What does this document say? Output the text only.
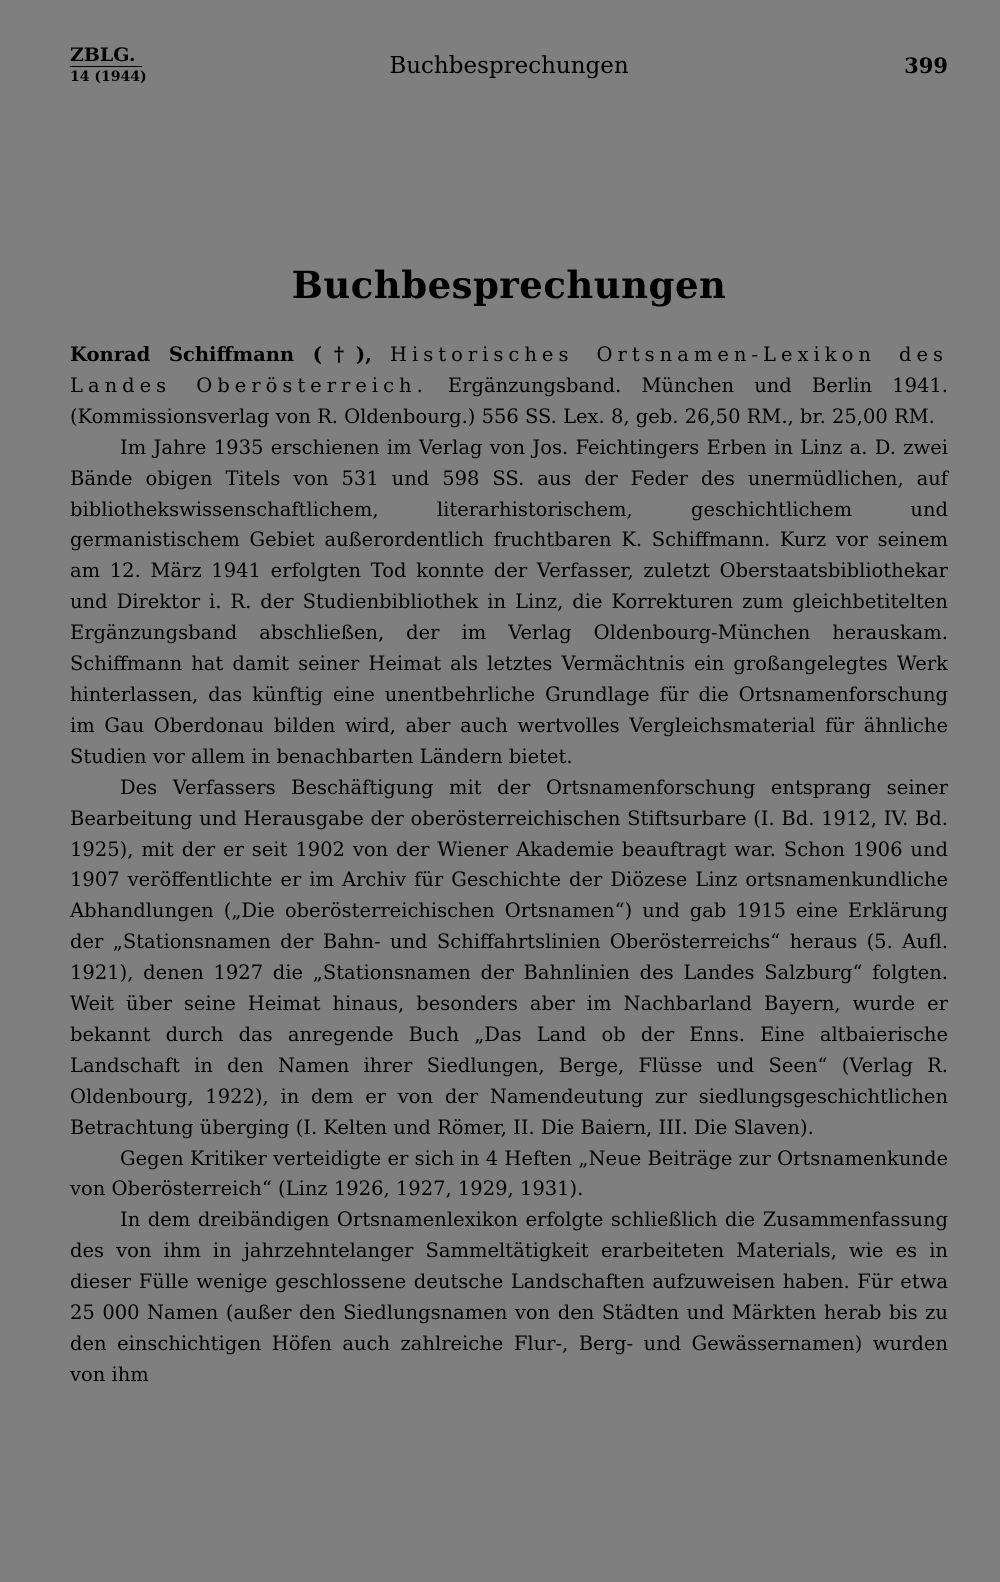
ZBLG.
14 (1944)	Buchbesprechungen	399
Buchbesprechungen

Konrad Schiffmann (†), Historisches Ortsnamen-Lexikon des Landes Oberösterreich. Ergänzungsband. München und Berlin 1941. (Kommissionsverlag von R. Oldenbourg.) 556 SS. Lex. 8, geb. 26,50 RM., br. 25,00 RM.

Im Jahre 1935 erschienen im Verlag von Jos. Feichtingers Erben in Linz a. D. zwei Bände obigen Titels von 531 und 598 SS. aus der Feder des unermüdlichen, auf bibliothekswissenschaftlichem, literarhistorischem, geschichtlichem und germanistischem Gebiet außerordentlich fruchtbaren K. Schiffmann. Kurz vor seinem am 12. März 1941 erfolgten Tod konnte der Verfasser, zuletzt Oberstaatsbibliothekar und Direktor i. R. der Studienbibliothek in Linz, die Korrekturen zum gleichbetitelten Ergänzungsband abschließen, der im Verlag Oldenbourg-München herauskam. Schiffmann hat damit seiner Heimat als letztes Vermächtnis ein großangelegtes Werk hinterlassen, das künftig eine unentbehrliche Grundlage für die Ortsnamenforschung im Gau Oberdonau bilden wird, aber auch wertvolles Vergleichsmaterial für ähnliche Studien vor allem in benachbarten Ländern bietet.

Des Verfassers Beschäftigung mit der Ortsnamenforschung entsprang seiner Bearbeitung und Herausgabe der oberösterreichischen Stiftsurbare (I. Bd. 1912, IV. Bd. 1925), mit der er seit 1902 von der Wiener Akademie beauftragt war. Schon 1906 und 1907 veröffentlichte er im Archiv für Geschichte der Diözese Linz ortsnamenkundliche Abhandlungen („Die oberösterreichischen Ortsnamen“) und gab 1915 eine Erklärung der „Stationsnamen der Bahn- und Schiffahrtslinien Oberösterreichs“ heraus (5. Aufl. 1921), denen 1927 die „Stationsnamen der Bahnlinien des Landes Salzburg“ folgten. Weit über seine Heimat hinaus, besonders aber im Nachbarland Bayern, wurde er bekannt durch das anregende Buch „Das Land ob der Enns. Eine altbaierische Landschaft in den Namen ihrer Siedlungen, Berge, Flüsse und Seen“ (Verlag R. Oldenbourg, 1922), in dem er von der Namendeutung zur siedlungsgeschichtlichen Betrachtung überging (I. Kelten und Römer, II. Die Baiern, III. Die Slaven).

Gegen Kritiker verteidigte er sich in 4 Heften „Neue Beiträge zur Ortsnamenkunde von Oberösterreich“ (Linz 1926, 1927, 1929, 1931).

In dem dreibändigen Ortsnamenlexikon erfolgte schließlich die Zusammenfassung des von ihm in jahrzehntelanger Sammeltätigkeit erarbeiteten Materials, wie es in dieser Fülle wenige geschlossene deutsche Landschaften aufzuweisen haben. Für etwa 25 000 Namen (außer den Siedlungsnamen von den Städten und Märkten herab bis zu den einschichtigen Höfen auch zahlreiche Flur-, Berg- und Gewässernamen) wurden von ihm
